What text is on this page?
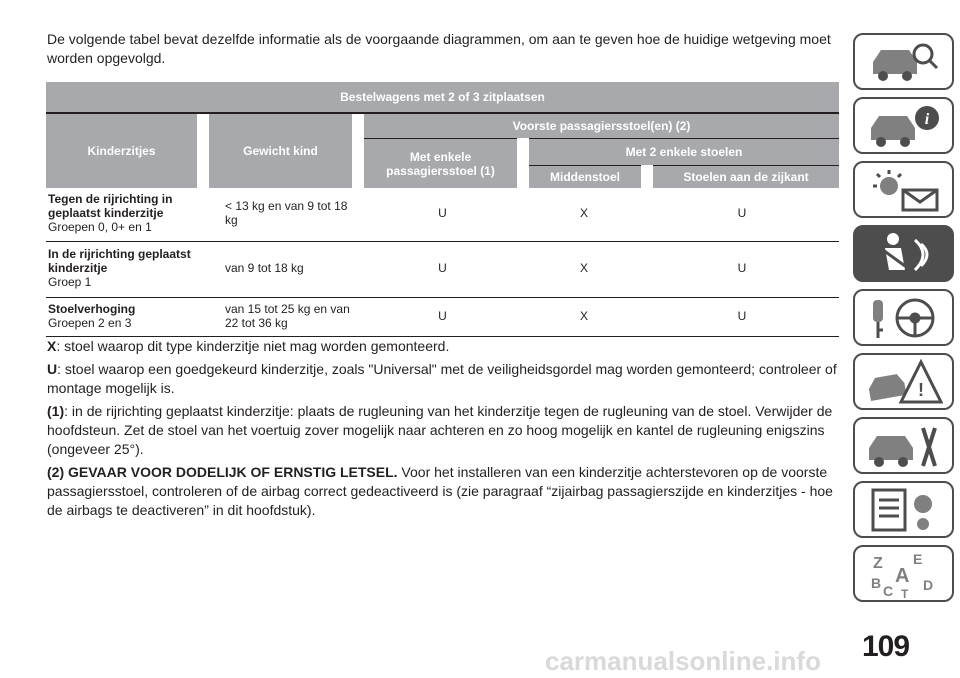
De volgende tabel bevat dezelfde informatie als de voorgaande diagrammen, om aan te geven hoe de huidige wetgeving moet worden opgevolgd.
Bestelwagens met 2 of 3 zitplaatsen						
Kinderzitjes		Gewicht kind		Voorste passagiersstoel(en) (2)		
				Met enkele passagiersstoel (1)	Met 2 enkele stoelen	
					Middenstoel	Stoelen aan de zijkant

Tegen de rijrichting in geplaatst kinderzitje
Groepen 0, 0+ en 1	< 13 kg en van 9 tot 18 kg			U	X	U

In de rijrichting geplaatst kinderzitje
Groep 1	van 9 tot 18 kg			U	X	U

Stoelverhoging
Groepen 2 en 3	van 15 tot 25 kg en van 22 tot 36 kg			U	X	U

X: stoel waarop dit type kinderzitje niet mag worden gemonteerd.

U: stoel waarop een goedgekeurd kinderzitje, zoals "Universal" met de veiligheidsgordel mag worden gemonteerd; controleer of montage mogelijk is.

(1): in de rijrichting geplaatst kinderzitje: plaats de rugleuning van het kinderzitje tegen de rugleuning van de stoel. Verwijder de hoofdsteun. Zet de stoel van het voertuig zover mogelijk naar achteren en zo hoog mogelijk en kantel de rugleuning enigszins (ongeveer 25°).

(2) GEVAAR VOOR DODELIJK OF ERNSTIG LETSEL. Voor het installeren van een kinderzitje achterstevoren op de voorste passagiersstoel, controleren of de airbag correct gedeactiveerd is (zie paragraaf “zijairbag passagierszijde en kinderzitjes - hoe de airbags te deactiveren” in dit hoofdstuk).

i
!
Z E
B A
C D
T
carmanualsonline.info 109
